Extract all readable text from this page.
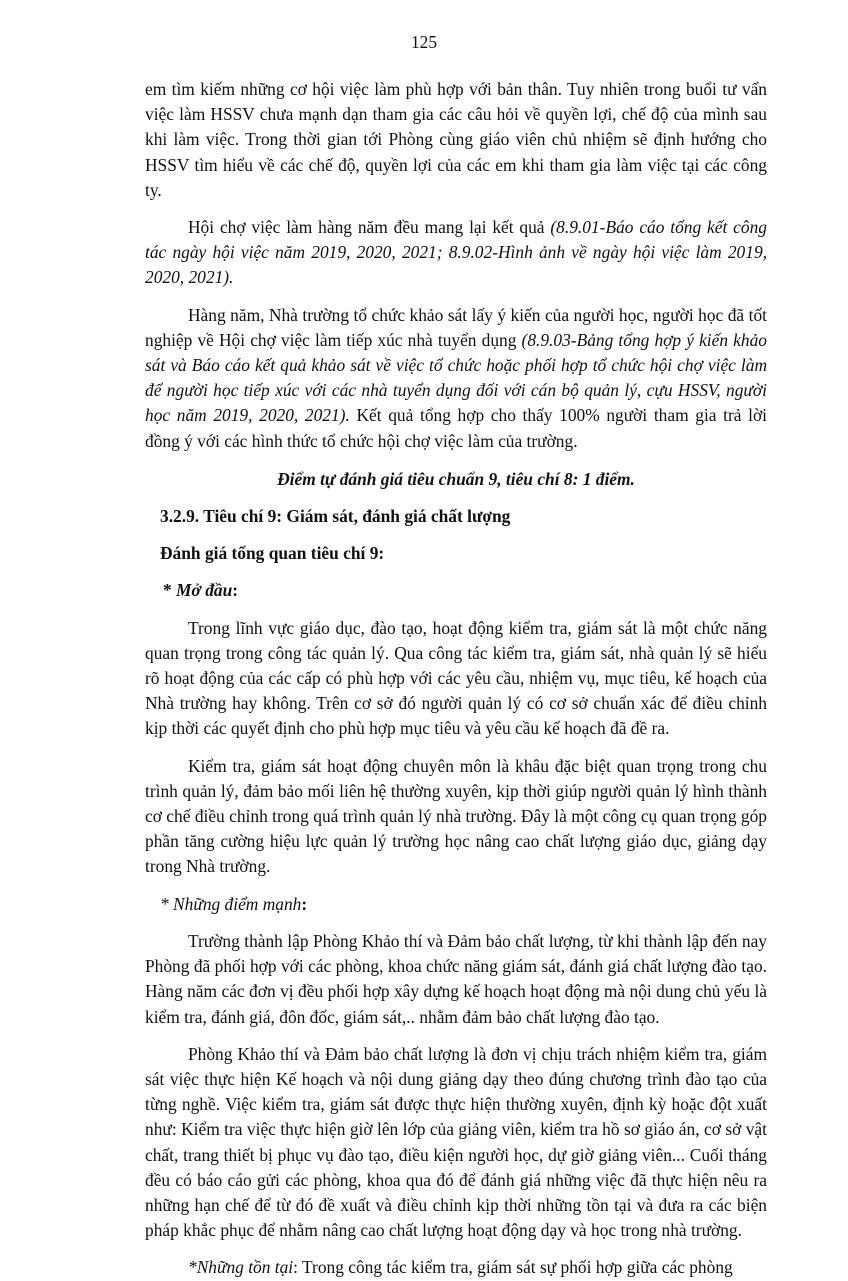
125

em tìm kiếm những cơ hội việc làm phù hợp với bản thân. Tuy nhiên trong buổi tư vấn việc làm HSSV chưa mạnh dạn tham gia các câu hỏi về quyền lợi, chế độ của mình sau khi làm việc. Trong thời gian tới Phòng cùng giáo viên chủ nhiệm sẽ định hướng cho HSSV tìm hiểu về các chế độ, quyền lợi của các em khi tham gia làm việc tại các công ty.

Hội chợ việc làm hàng năm đều mang lại kết quả (8.9.01-Báo cáo tổng kết công tác ngày hội việc năm 2019, 2020, 2021; 8.9.02-Hình ảnh về ngày hội việc làm 2019, 2020, 2021).

Hàng năm, Nhà trường tổ chức khảo sát lấy ý kiến của người học, người học đã tốt nghiệp về Hội chợ việc làm tiếp xúc nhà tuyển dụng (8.9.03-Bảng tổng hợp ý kiến khảo sát và Báo cáo kết quả khảo sát về việc tổ chức hoặc phối hợp tổ chức hội chợ việc làm để người học tiếp xúc với các nhà tuyển dụng đối với cán bộ quản lý, cựu HSSV, người học năm 2019, 2020, 2021). Kết quả tổng hợp cho thấy 100% người tham gia trả lời đồng ý với các hình thức tổ chức hội chợ việc làm của trường.

Điểm tự đánh giá tiêu chuẩn 9, tiêu chí 8: 1 điểm.

3.2.9. Tiêu chí 9: Giám sát, đánh giá chất lượng

Đánh giá tổng quan tiêu chí 9:

* Mở đầu:

Trong lĩnh vực giáo dục, đào tạo, hoạt động kiểm tra, giám sát là một chức năng quan trọng trong công tác quản lý. Qua công tác kiểm tra, giám sát, nhà quản lý sẽ hiểu rõ hoạt động của các cấp có phù hợp với các yêu cầu, nhiệm vụ, mục tiêu, kế hoạch của Nhà trường hay không. Trên cơ sở đó người quản lý có cơ sở chuẩn xác để điều chỉnh kịp thời các quyết định cho phù hợp mục tiêu và yêu cầu kế hoạch đã đề ra.

Kiểm tra, giám sát hoạt động chuyên môn là khâu đặc biệt quan trọng trong chu trình quản lý, đảm bảo mối liên hệ thường xuyên, kịp thời giúp người quản lý hình thành cơ chế điều chỉnh trong quá trình quản lý nhà trường. Đây là một công cụ quan trọng góp phần tăng cường hiệu lực quản lý trường học nâng cao chất lượng giáo dục, giảng dạy trong Nhà trường.

* Những điểm mạnh:

Trường thành lập Phòng Khảo thí và Đảm bảo chất lượng, từ khi thành lập đến nay Phòng đã phối hợp với các phòng, khoa chức năng giám sát, đánh giá chất lượng đào tạo. Hàng năm các đơn vị đều phối hợp xây dựng kế hoạch hoạt động mà nội dung chủ yếu là kiểm tra, đánh giá, đôn đốc, giám sát,.. nhằm đảm bảo chất lượng đào tạo.

Phòng Khảo thí và Đảm bảo chất lượng là đơn vị chịu trách nhiệm kiểm tra, giám sát việc thực hiện Kế hoạch và nội dung giảng dạy theo đúng chương trình đào tạo của từng nghề. Việc kiểm tra, giám sát được thực hiện thường xuyên, định kỳ hoặc đột xuất như: Kiểm tra việc thực hiện giờ lên lớp của giảng viên, kiểm tra hồ sơ giáo án, cơ sở vật chất, trang thiết bị phục vụ đào tạo, điều kiện người học, dự giờ giảng viên... Cuối tháng đều có báo cáo gửi các phòng, khoa qua đó để đánh giá những việc đã thực hiện nêu ra những hạn chế để từ đó đề xuất và điều chỉnh kịp thời những tồn tại và đưa ra các biện pháp khắc phục để nhằm nâng cao chất lượng hoạt động dạy và học trong nhà trường.

*Những tồn tại: Trong công tác kiểm tra, giám sát sự phối hợp giữa các phòng
